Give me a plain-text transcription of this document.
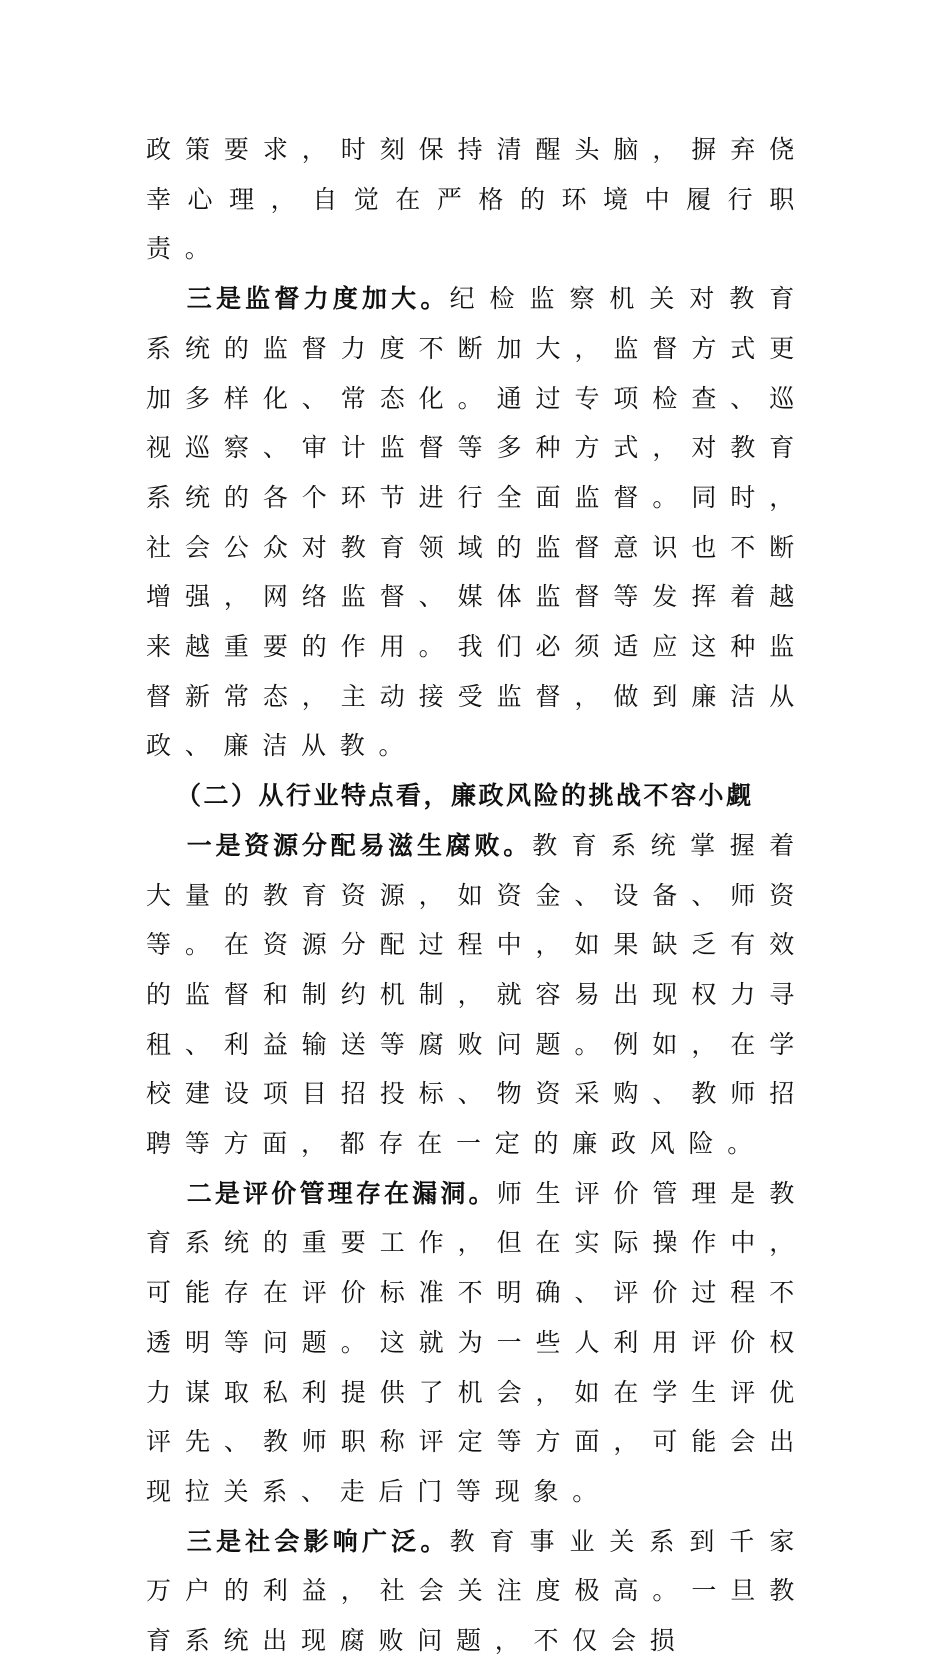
政策要求，时刻保持清醒头脑，摒弃侥幸心理，自觉在严格的环境中履行职责。

三是监督力度加大。纪检监察机关对教育系统的监督力度不断加大，监督方式更加多样化、常态化。通过专项检查、巡视巡察、审计监督等多种方式，对教育系统的各个环节进行全面监督。同时，社会公众对教育领域的监督意识也不断增强，网络监督、媒体监督等发挥着越来越重要的作用。我们必须适应这种监督新常态，主动接受监督，做到廉洁从政、廉洁从教。

（二）从行业特点看，廉政风险的挑战不容小觑

一是资源分配易滋生腐败。教育系统掌握着大量的教育资源，如资金、设备、师资等。在资源分配过程中，如果缺乏有效的监督和制约机制，就容易出现权力寻租、利益输送等腐败问题。例如，在学校建设项目招投标、物资采购、教师招聘等方面，都存在一定的廉政风险。

二是评价管理存在漏洞。师生评价管理是教育系统的重要工作，但在实际操作中，可能存在评价标准不明确、评价过程不透明等问题。这就为一些人利用评价权力谋取私利提供了机会，如在学生评优评先、教师职称评定等方面，可能会出现拉关系、走后门等现象。

三是社会影响广泛。教育事业关系到千家万户的利益，社会关注度极高。一旦教育系统出现腐败问题，不仅会损
